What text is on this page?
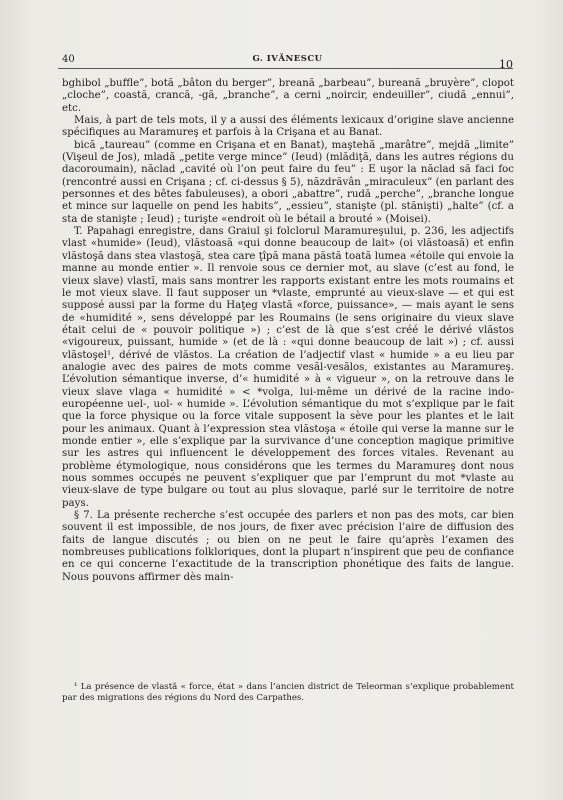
40	G. IVĂNESCU	10

bghibol „buffle”, botă „bâton du berger”, breană „barbeau”, bureană „bruyère”, clopot „cloche”, coastă, crancă, -gă, „branche”, a cerni „noircir, endeuiller”, ciudă „ennui”, etc.

Mais, à part de tels mots, il y a aussi des éléments lexicaux d’origine slave ancienne spécifiques au Maramureş et parfois à la Crişana et au Banat.

bică „taureau” (comme en Crişana et en Banat), maştehă „marâtre”, mejdă „limite” (Vişeul de Jos), mladă „petite verge mince” (Ieud) (mlădiţă, dans les autres régions du dacoroumain), năclad „cavité où l’on peut faire du feu” : E uşor la năclad să faci foc (rencontré aussi en Crişana ; cf. ci-dessus § 5), năzdrăvân „miraculeux” (en parlant des personnes et des bêtes fabuleuses), a obori „abattre”, rudă „perche”, „branche longue et mince sur laquelle on pend les habits”, „essieu”, stanişte (pl. stănişti) „halte” (cf. a sta de stanişte ; Ieud) ; turişte «endroit où le bétail a brouté » (Moisei).

T. Papahagi enregistre, dans Graiul şi folclorul Maramureşului, p. 236, les adjectifs vlast «humide» (Ieud), vlăstoasă «qui donne beaucoup de lait» (oi vlăstoasă) et enfin vlăstoşă dans stea vlastoşă, stea care ţîpă mana păstă toată lumea «étoile qui envoie la manne au monde entier ». Il renvoie sous ce dernier mot, au slave (c’est au fond, le vieux slave) vlastĭ, mais sans montrer les rapports existant entre les mots roumains et le mot vieux slave. Il faut supposer un *vlaste, emprunté au vieux-slave — et qui est supposé aussi par la forme du Haţeg vlastă «force, puissance», — mais ayant le sens de «humidité », sens développé par les Roumains (le sens originaire du vieux slave était celui de « pouvoir politique ») ; c’est de là que s’est créé le dérivé vlăstos «vigoureux, puissant, humide » (et de là : «qui donne beaucoup de lait ») ; cf. aussi vlăstoşel¹, dérivé de vlăstos. La création de l’adjectif vlast « humide » a eu lieu par analogie avec des paires de mots comme vesăl-vesălos, existantes au Maramureş. L’évolution sémantique inverse, d’« humidité » à « vigueur », on la retrouve dans le vieux slave vlaga « humidité » < *volga, lui-même un dérivé de la racine indo-européenne uel-, uol- « humide ». L’évolution sémantique du mot s’explique par le fait que la force physique ou la force vitale supposent la sève pour les plantes et le lait pour les animaux. Quant à l’expression stea vlăstoşa « étoile qui verse la manne sur le monde entier », elle s’explique par la survivance d’une conception magique primitive sur les astres qui influencent le développement des forces vitales. Revenant au problème étymologique, nous considérons que les termes du Maramureş dont nous nous sommes occupés ne peuvent s’expliquer que par l’emprunt du mot *vlaste au vieux-slave de type bulgare ou tout au plus slovaque, parlé sur le territoire de notre pays.

§ 7. La présente recherche s’est occupée des parlers et non pas des mots, car bien souvent il est impossible, de nos jours, de fixer avec précision l’aire de diffusion des faits de langue discutés ; ou bien on ne peut le faire qu’après l’examen des nombreuses publications folkloriques, dont la plupart n’inspirent que peu de confiance en ce qui concerne l’exactitude de la transcription phonétique des faits de langue. Nous pouvons affirmer dès main-

¹ La présence de vlastă « force, état » dans l’ancien district de Teleorman s’explique probablement par des migrations des régions du Nord des Carpathes.
